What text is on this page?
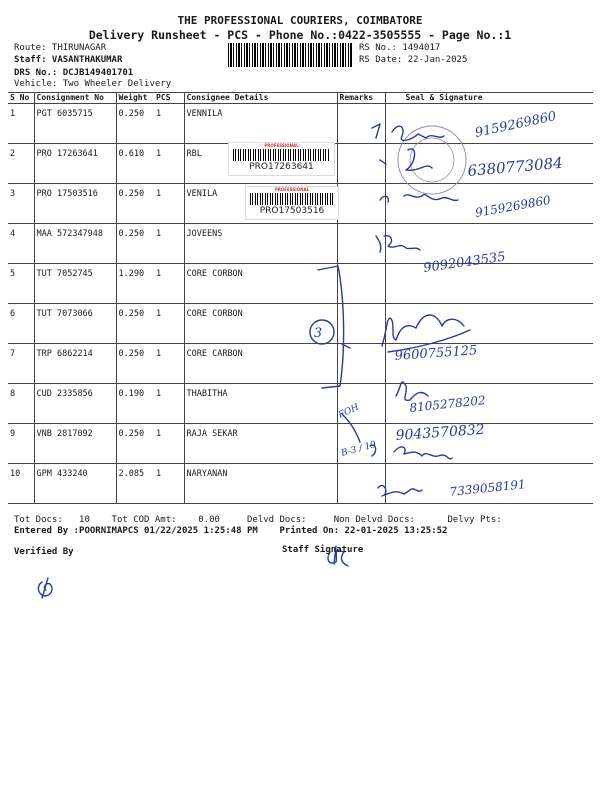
THE PROFESSIONAL COURIERS, COIMBATORE
Delivery Runsheet - PCS - Phone No.:0422-3505555 - Page No.:1
Route: THIRUNAGAR
Staff: VASANTHAKUMAR
DRS No.: DCJB149401701
Vehicle: Two Wheeler Delivery
RS No.: 1494017
RS Date: 22-Jan-2025
S No	Consignment No	Weight	PCS	Consignee Details	Remarks	Seal & Signature
1	PGT 6035715	0.250	1	VENNILA		
2	PRO 17263641	0.610	1	RBL		
3	PRO 17503516	0.250	1	VENILA		
4	MAA 572347948	0.250	1	JOVEENS		
5	TUT 7052745	1.290	1	CORE CORBON		
6	TUT 7073066	0.250	1	CORE CORBON		
7	TRP 6862214	0.250	1	CORE CARBON		
8	CUD 2335856	0.190	1	THABITHA		
9	VNB 2817092	0.250	1	RAJA SEKAR		
10	GPM 433240	2.085	1	NARYANAN		
PROFESSIONAL
PRO17263641
PROFESSIONAL
PRO17503516
9159269860
6380773084
9159269860
9092043535
9600755125
8105278202
9043570832
7339058191
3
FOH
B-3 / 19
Tot Docs:   10    Tot COD Amt:    0.00     Delvd Docs:     Non Delvd Docs:      Delvy Pts:
Entered By :POORNIMAPCS 01/22/2025 1:25:48 PM    Printed On: 22-01-2025 13:25:52
Verified By	Staff Signature
